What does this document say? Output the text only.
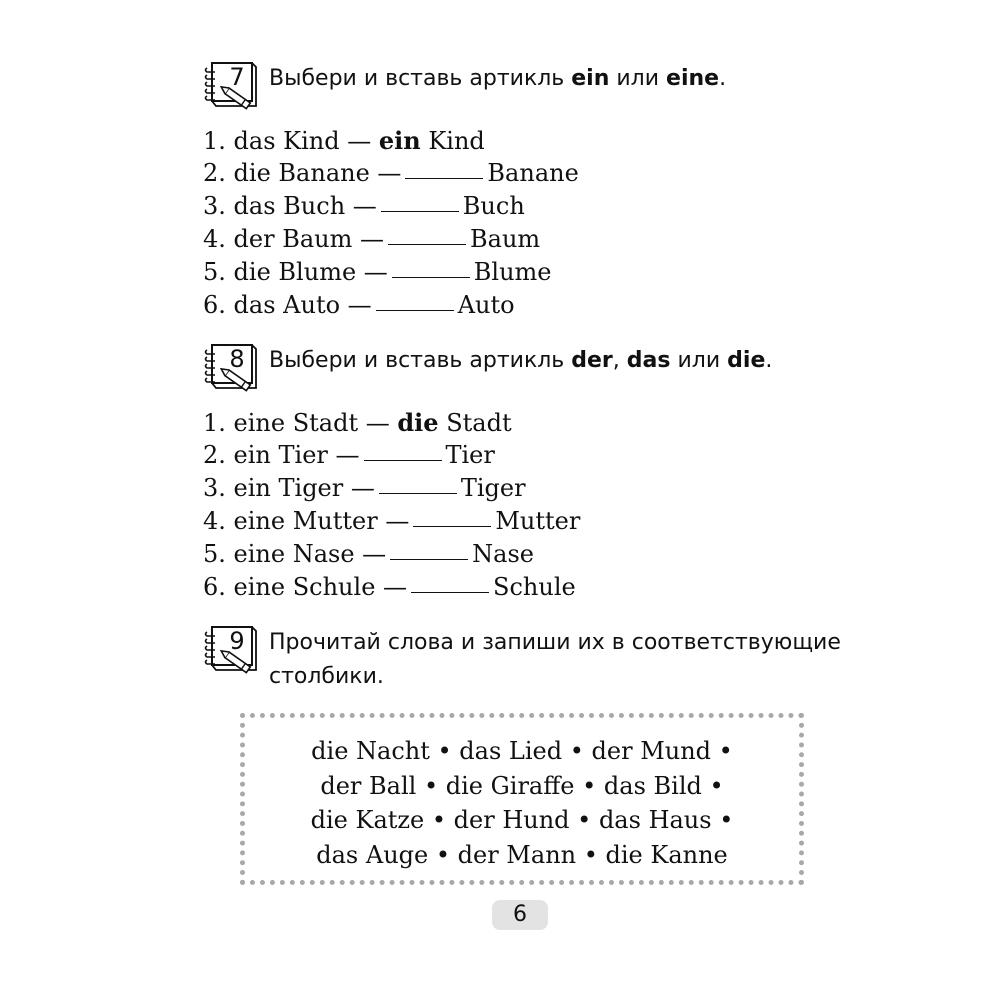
7 Выбери и вставь артикль ein или eine.
1. das Kind — ein Kind
2. die Banane —	Banane
3. das Buch —	Buch
4. der Baum —	Baum
5. die Blume —	Blume
6. das Auto —	Auto
8 Выбери и вставь артикль der, das или die.
1. eine Stadt — die Stadt
2. ein Tier —	Tier
3. ein Tiger —	Tiger
4. eine Mutter —	Mutter
5. eine Nase —	Nase
6. eine Schule —	Schule
9 Прочитай слова и запиши их в соответствующие
столбики.
die Nacht • das Lied • der Mund •
der Ball • die Giraffe • das Bild •
die Katze • der Hund • das Haus •
das Auge • der Mann • die Kanne
6
